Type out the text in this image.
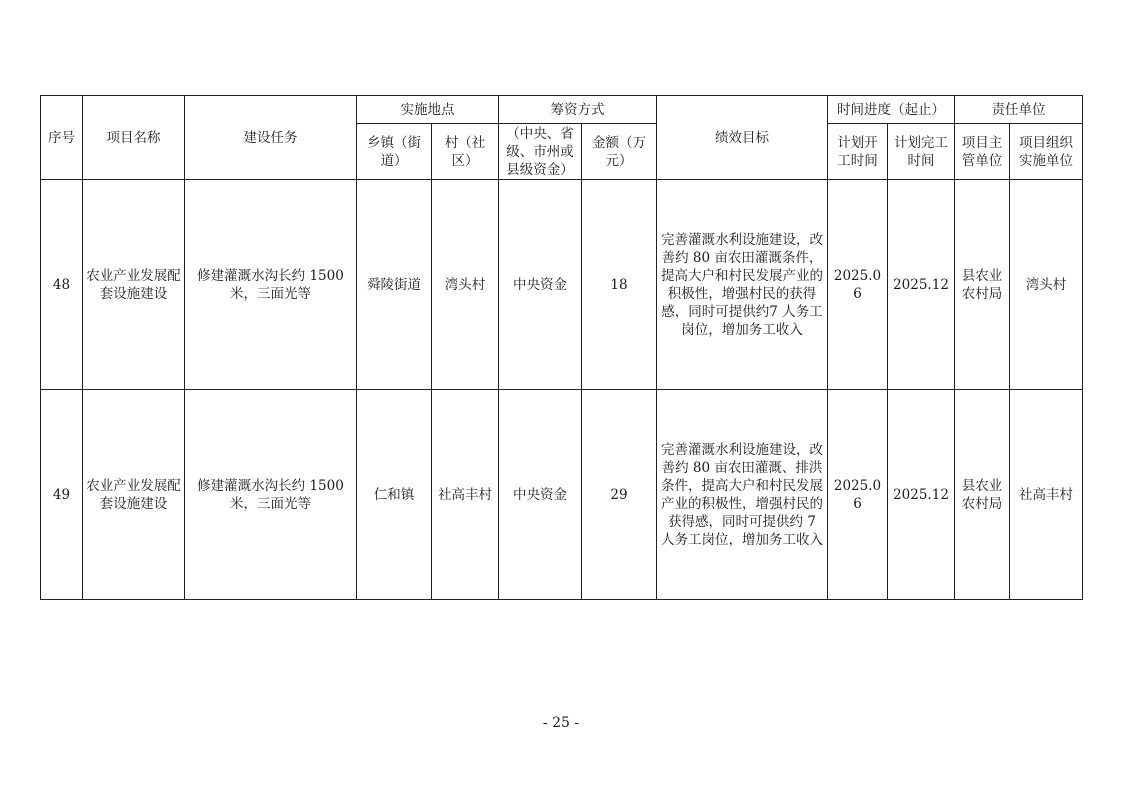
序号	项目名称	建设任务	实施地点		筹资方式		绩效目标	时间进度（起止）		责任单位	
			乡镇（街道）	村（社区）	（中央、省级、市州或县级资金）	金额（万元）		计划开工时间	计划完工时间	项目主管单位	项目组织实施单位
48	农业产业发展配套设施建设	修建灌溉水沟长约 1500米，三面光等	舜陵街道	湾头村	中央资金	18	完善灌溉水利设施建设，改善约 80 亩农田灌溉条件，提高大户和村民发展产业的积极性，增强村民的获得感，同时可提供约7 人务工岗位，增加务工收入	2025.06	2025.12	县农业农村局	湾头村
49	农业产业发展配套设施建设	修建灌溉水沟长约 1500米，三面光等	仁和镇	社高丰村	中央资金	29	完善灌溉水利设施建设，改善约 80 亩农田灌溉、排洪条件，提高大户和村民发展产业的积极性，增强村民的获得感，同时可提供约 7 人务工岗位，增加务工收入	2025.06	2025.12	县农业农村局	社高丰村
- 25 -
